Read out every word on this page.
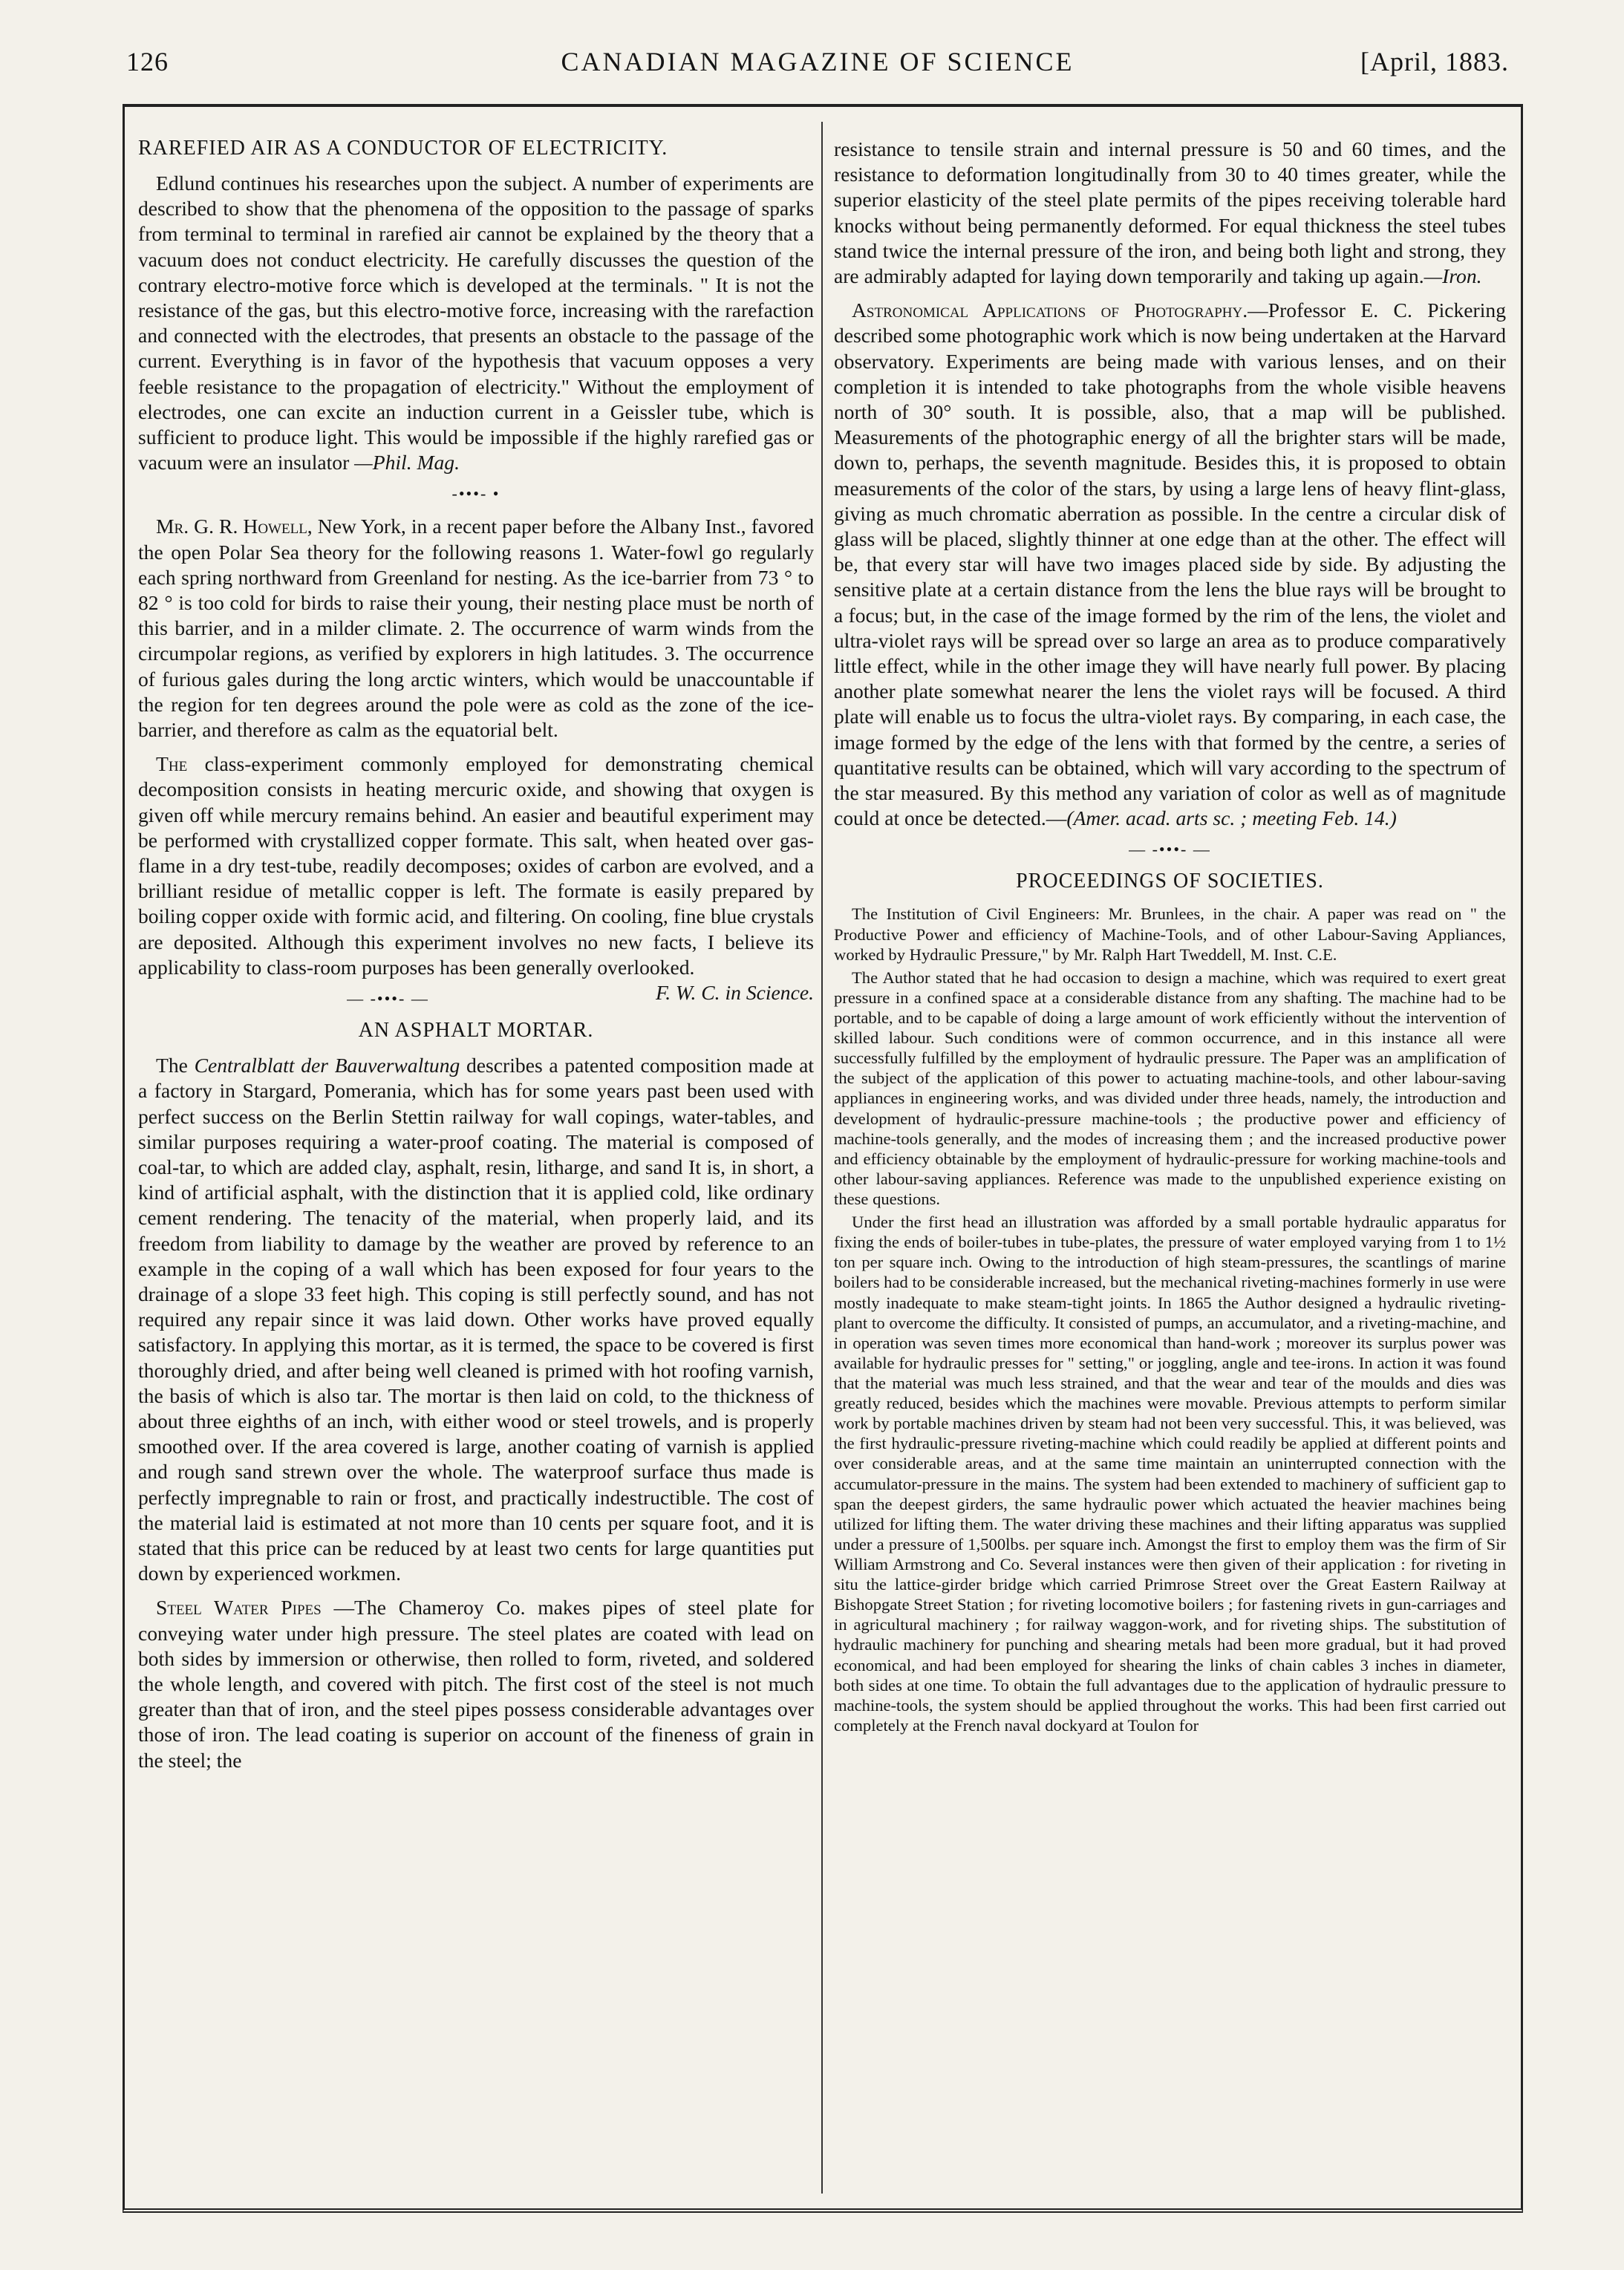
126	CANADIAN MAGAZINE OF SCIENCE	[April, 1883.
RAREFIED AIR AS A CONDUCTOR OF ELECTRICITY.

Edlund continues his researches upon the subject. A number of experiments are described to show that the phenomena of the opposition to the passage of sparks from terminal to terminal in rarefied air cannot be explained by the theory that a vacuum does not conduct electricity. He carefully discusses the question of the contrary electro-motive force which is developed at the terminals. " It is not the resistance of the gas, but this electro-motive force, increasing with the rarefaction and connected with the electrodes, that presents an obstacle to the passage of the current. Everything is in favor of the hypothesis that vacuum opposes a very feeble resistance to the propagation of electricity." Without the employment of electrodes, one can excite an induction current in a Geissler tube, which is sufficient to produce light. This would be impossible if the highly rarefied gas or vacuum were an insulator —Phil. Mag.

-•••- •

Mr. G. R. Howell, New York, in a recent paper before the Albany Inst., favored the open Polar Sea theory for the following reasons 1. Water-fowl go regularly each spring northward from Greenland for nesting. As the ice-barrier from 73 ° to 82 ° is too cold for birds to raise their young, their nesting place must be north of this barrier, and in a milder climate. 2. The occurrence of warm winds from the circumpolar regions, as verified by explorers in high latitudes. 3. The occurrence of furious gales during the long arctic winters, which would be unaccountable if the region for ten degrees around the pole were as cold as the zone of the ice-barrier, and therefore as calm as the equatorial belt.

The class-experiment commonly employed for demonstrating chemical decomposition consists in heating mercuric oxide, and showing that oxygen is given off while mercury remains behind. An easier and beautiful experiment may be performed with crystallized copper formate. This salt, when heated over gas-flame in a dry test-tube, readily decomposes; oxides of carbon are evolved, and a brilliant residue of metallic copper is left. The formate is easily prepared by boiling copper oxide with formic acid, and filtering. On cooling, fine blue crystals are deposited. Although this experiment involves no new facts, I believe its applicability to class-room purposes has been generally overlooked.
F. W. C. in Science.

— -•••- —
AN ASPHALT MORTAR.

The Centralblatt der Bauverwaltung describes a patented composition made at a factory in Stargard, Pomerania, which has for some years past been used with perfect success on the Berlin Stettin railway for wall copings, water-tables, and similar purposes requiring a water-proof coating. The material is composed of coal-tar, to which are added clay, asphalt, resin, litharge, and sand It is, in short, a kind of artificial asphalt, with the distinction that it is applied cold, like ordinary cement rendering. The tenacity of the material, when properly laid, and its freedom from liability to damage by the weather are proved by reference to an example in the coping of a wall which has been exposed for four years to the drainage of a slope 33 feet high. This coping is still perfectly sound, and has not required any repair since it was laid down. Other works have proved equally satisfactory. In applying this mortar, as it is termed, the space to be covered is first thoroughly dried, and after being well cleaned is primed with hot roofing varnish, the basis of which is also tar. The mortar is then laid on cold, to the thickness of about three eighths of an inch, with either wood or steel trowels, and is properly smoothed over. If the area covered is large, another coating of varnish is applied and rough sand strewn over the whole. The waterproof surface thus made is perfectly impregnable to rain or frost, and practically indestructible. The cost of the material laid is estimated at not more than 10 cents per square foot, and it is stated that this price can be reduced by at least two cents for large quantities put down by experienced workmen.

Steel Water Pipes —The Chameroy Co. makes pipes of steel plate for conveying water under high pressure. The steel plates are coated with lead on both sides by immersion or otherwise, then rolled to form, riveted, and soldered the whole length, and covered with pitch. The first cost of the steel is not much greater than that of iron, and the steel pipes possess considerable advantages over those of iron. The lead coating is superior on account of the fineness of grain in the steel; the

resistance to tensile strain and internal pressure is 50 and 60 times, and the resistance to deformation longitudinally from 30 to 40 times greater, while the superior elasticity of the steel plate permits of the pipes receiving tolerable hard knocks without being permanently deformed. For equal thickness the steel tubes stand twice the internal pressure of the iron, and being both light and strong, they are admirably adapted for laying down temporarily and taking up again.—Iron.

Astronomical Applications of Photography.—Professor E. C. Pickering described some photographic work which is now being undertaken at the Harvard observatory. Experiments are being made with various lenses, and on their completion it is intended to take photographs from the whole visible heavens north of 30° south. It is possible, also, that a map will be published. Measurements of the photographic energy of all the brighter stars will be made, down to, perhaps, the seventh magnitude. Besides this, it is proposed to obtain measurements of the color of the stars, by using a large lens of heavy flint-glass, giving as much chromatic aberration as possible. In the centre a circular disk of glass will be placed, slightly thinner at one edge than at the other. The effect will be, that every star will have two images placed side by side. By adjusting the sensitive plate at a certain distance from the lens the blue rays will be brought to a focus; but, in the case of the image formed by the rim of the lens, the violet and ultra-violet rays will be spread over so large an area as to produce comparatively little effect, while in the other image they will have nearly full power. By placing another plate somewhat nearer the lens the violet rays will be focused. A third plate will enable us to focus the ultra-violet rays. By comparing, in each case, the image formed by the edge of the lens with that formed by the centre, a series of quantitative results can be obtained, which will vary according to the spectrum of the star measured. By this method any variation of color as well as of magnitude could at once be detected.—(Amer. acad. arts sc. ; meeting Feb. 14.)

— -•••- —
PROCEEDINGS OF SOCIETIES.

The Institution of Civil Engineers: Mr. Brunlees, in the chair. A paper was read on " the Productive Power and efficiency of Machine-Tools, and of other Labour-Saving Appliances, worked by Hydraulic Pressure," by Mr. Ralph Hart Tweddell, M. Inst. C.E.

The Author stated that he had occasion to design a machine, which was required to exert great pressure in a confined space at a considerable distance from any shafting. The machine had to be portable, and to be capable of doing a large amount of work efficiently without the intervention of skilled labour. Such conditions were of common occurrence, and in this instance all were successfully fulfilled by the employment of hydraulic pressure. The Paper was an amplification of the subject of the application of this power to actuating machine-tools, and other labour-saving appliances in engineering works, and was divided under three heads, namely, the introduction and development of hydraulic-pressure machine-tools ; the productive power and efficiency of machine-tools generally, and the modes of increasing them ; and the increased productive power and efficiency obtainable by the employment of hydraulic-pressure for working machine-tools and other labour-saving appliances. Reference was made to the unpublished experience existing on these questions.

Under the first head an illustration was afforded by a small portable hydraulic apparatus for fixing the ends of boiler-tubes in tube-plates, the pressure of water employed varying from 1 to 1½ ton per square inch. Owing to the introduction of high steam-pressures, the scantlings of marine boilers had to be considerable increased, but the mechanical riveting-machines formerly in use were mostly inadequate to make steam-tight joints. In 1865 the Author designed a hydraulic riveting-plant to overcome the difficulty. It consisted of pumps, an accumulator, and a riveting-machine, and in operation was seven times more economical than hand-work ; moreover its surplus power was available for hydraulic presses for " setting," or joggling, angle and tee-irons. In action it was found that the material was much less strained, and that the wear and tear of the moulds and dies was greatly reduced, besides which the machines were movable. Previous attempts to perform similar work by portable machines driven by steam had not been very successful. This, it was believed, was the first hydraulic-pressure riveting-machine which could readily be applied at different points and over considerable areas, and at the same time maintain an uninterrupted connection with the accumulator-pressure in the mains. The system had been extended to machinery of sufficient gap to span the deepest girders, the same hydraulic power which actuated the heavier machines being utilized for lifting them. The water driving these machines and their lifting apparatus was supplied under a pressure of 1,500lbs. per square inch. Amongst the first to employ them was the firm of Sir William Armstrong and Co. Several instances were then given of their application : for riveting in situ the lattice-girder bridge which carried Primrose Street over the Great Eastern Railway at Bishopgate Street Station ; for riveting locomotive boilers ; for fastening rivets in gun-carriages and in agricultural machinery ; for railway waggon-work, and for riveting ships. The substitution of hydraulic machinery for punching and shearing metals had been more gradual, but it had proved economical, and had been employed for shearing the links of chain cables 3 inches in diameter, both sides at one time. To obtain the full advantages due to the application of hydraulic pressure to machine-tools, the system should be applied throughout the works. This had been first carried out completely at the French naval dockyard at Toulon for
